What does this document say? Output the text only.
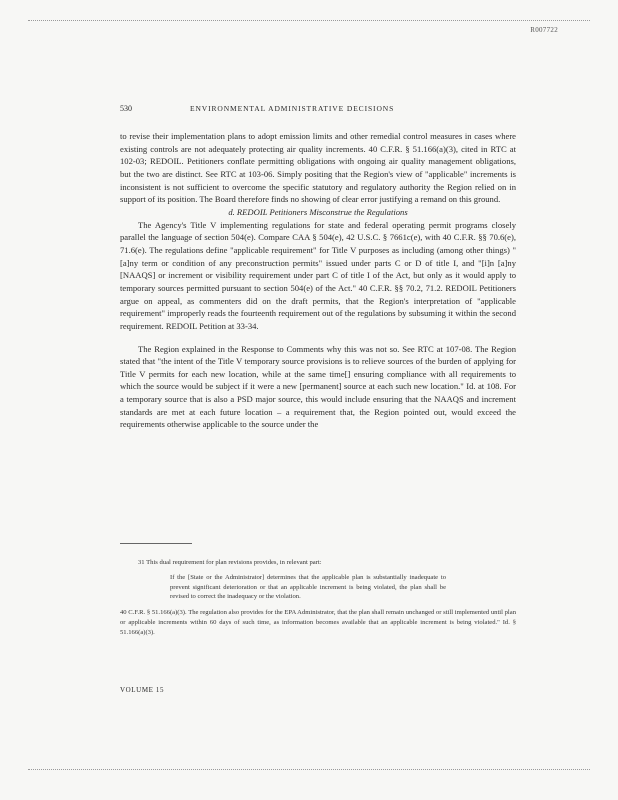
R007722
530	ENVIRONMENTAL ADMINISTRATIVE DECISIONS

to revise their implementation plans to adopt emission limits and other remedial control measures in cases where existing controls are not adequately protecting air quality increments. 40 C.F.R. § 51.166(a)(3), cited in RTC at 102-03; REDOIL. Petitioners conflate permitting obligations with ongoing air quality management obligations, but the two are distinct. See RTC at 103-06. Simply positing that the Region's view of "applicable" increments is inconsistent is not sufficient to overcome the specific statutory and regulatory authority the Region relied on in support of its position. The Board therefore finds no showing of clear error justifying a remand on this ground.

d. REDOIL Petitioners Misconstrue the Regulations

The Agency's Title V implementing regulations for state and federal operating permit programs closely parallel the language of section 504(e). Compare CAA § 504(e), 42 U.S.C. § 7661c(e), with 40 C.F.R. §§ 70.6(e), 71.6(e). The regulations define "applicable requirement" for Title V purposes as including (among other things) "[a]ny term or condition of any preconstruction permits" issued under parts C or D of title I, and "[i]n [a]ny [NAAQS] or increment or visibility requirement under part C of title I of the Act, but only as it would apply to temporary sources permitted pursuant to section 504(e) of the Act." 40 C.F.R. §§ 70.2, 71.2. REDOIL Petitioners argue on appeal, as commenters did on the draft permits, that the Region's interpretation of "applicable requirement" improperly reads the fourteenth requirement out of the regulations by subsuming it within the second requirement. REDOIL Petition at 33-34.

The Region explained in the Response to Comments why this was not so. See RTC at 107-08. The Region stated that "the intent of the Title V temporary source provisions is to relieve sources of the burden of applying for Title V permits for each new location, while at the same time[] ensuring compliance with all requirements to which the source would be subject if it were a new [permanent] source at each such new location." Id. at 108. For a temporary source that is also a PSD major source, this would include ensuring that the NAAQS and increment standards are met at each future location – a requirement that, the Region pointed out, would exceed the requirements otherwise applicable to the source under the

31 This dual requirement for plan revisions provides, in relevant part:

If the [State or the Administrator] determines that the applicable plan is substantially inadequate to prevent significant deterioration or that an applicable increment is being violated, the plan shall be revised to correct the inadequacy or the violation.

40 C.F.R. § 51.166(a)(3). The regulation also provides for the EPA Administrator, that the plan shall remain unchanged or still implemented until plan or applicable increments within 60 days of such time, as information becomes available that an applicable increment is being violated." Id. § 51.166(a)(3).

VOLUME 15
